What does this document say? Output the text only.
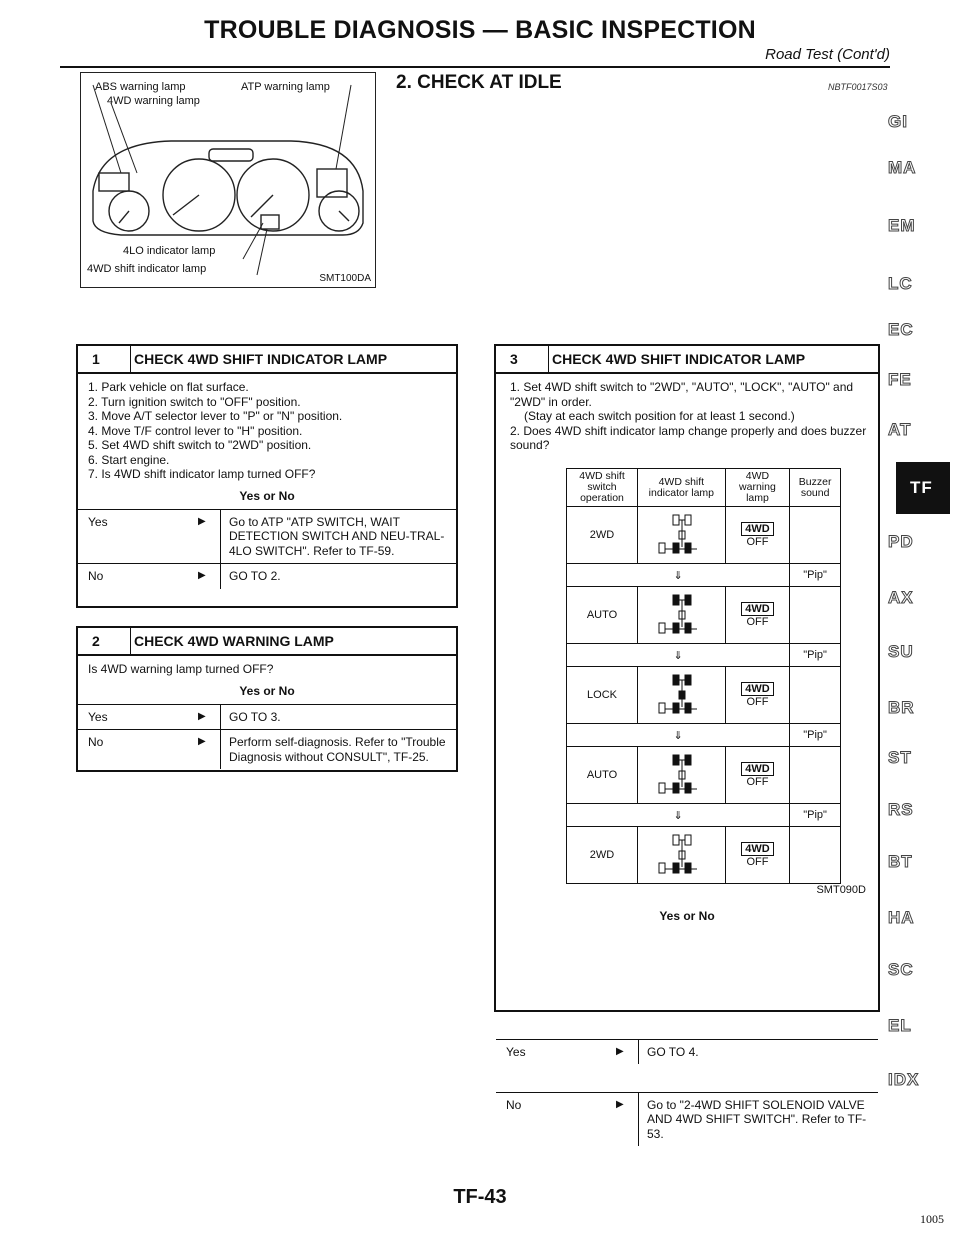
TROUBLE DIAGNOSIS — BASIC INSPECTION
Road Test (Cont'd)
2. CHECK AT IDLE	NBTF0017S03
ABS warning lamp	ATP warning lamp
4WD warning lamp
4LO indicator lamp
4WD shift indicator lamp
SMT100DA
1	CHECK 4WD SHIFT INDICATOR LAMP
1. Park vehicle on flat surface.
2. Turn ignition switch to "OFF" position.
3. Move A/T selector lever to "P" or "N" position.
4. Move T/F control lever to "H" position.
5. Set 4WD shift switch to "2WD" position.
6. Start engine.
7. Is 4WD shift indicator lamp turned OFF?
Yes or No
Yes	▶	Go to ATP "ATP SWITCH, WAIT DETECTION SWITCH AND NEU-TRAL-4LO SWITCH". Refer to TF-59.
No	▶	GO TO 2.
2	CHECK 4WD WARNING LAMP
Is 4WD warning lamp turned OFF?
Yes or No
Yes	▶	GO TO 3.
No	▶	Perform self-diagnosis. Refer to "Trouble Diagnosis without CONSULT", TF-25.
3	CHECK 4WD SHIFT INDICATOR LAMP
1. Set 4WD shift switch to "2WD", "AUTO", "LOCK", "AUTO" and "2WD" in order.
(Stay at each switch position for at least 1 second.)
2. Does 4WD shift indicator lamp change properly and does buzzer sound?
SMT090D
Yes or No
Yes	▶	GO TO 4.
No	▶	Go to "2-4WD SHIFT SOLENOID VALVE AND 4WD SHIFT SWITCH". Refer to TF-53.
4WD shift switch operation	4WD shift indicator lamp	4WD warning lamp	Buzzer sound
2WD		4WD
OFF	
⇓			"Pip"
AUTO		4WD
OFF	
⇓			"Pip"
LOCK		4WD
OFF	
⇓			"Pip"
AUTO		4WD
OFF	
⇓			"Pip"
2WD		4WD
OFF	
GI
MA
EM
LC
EC
FE
AT
TF
PD
AX
SU
BR
ST
RS
BT
HA
SC
EL
IDX
TF-43
1005
